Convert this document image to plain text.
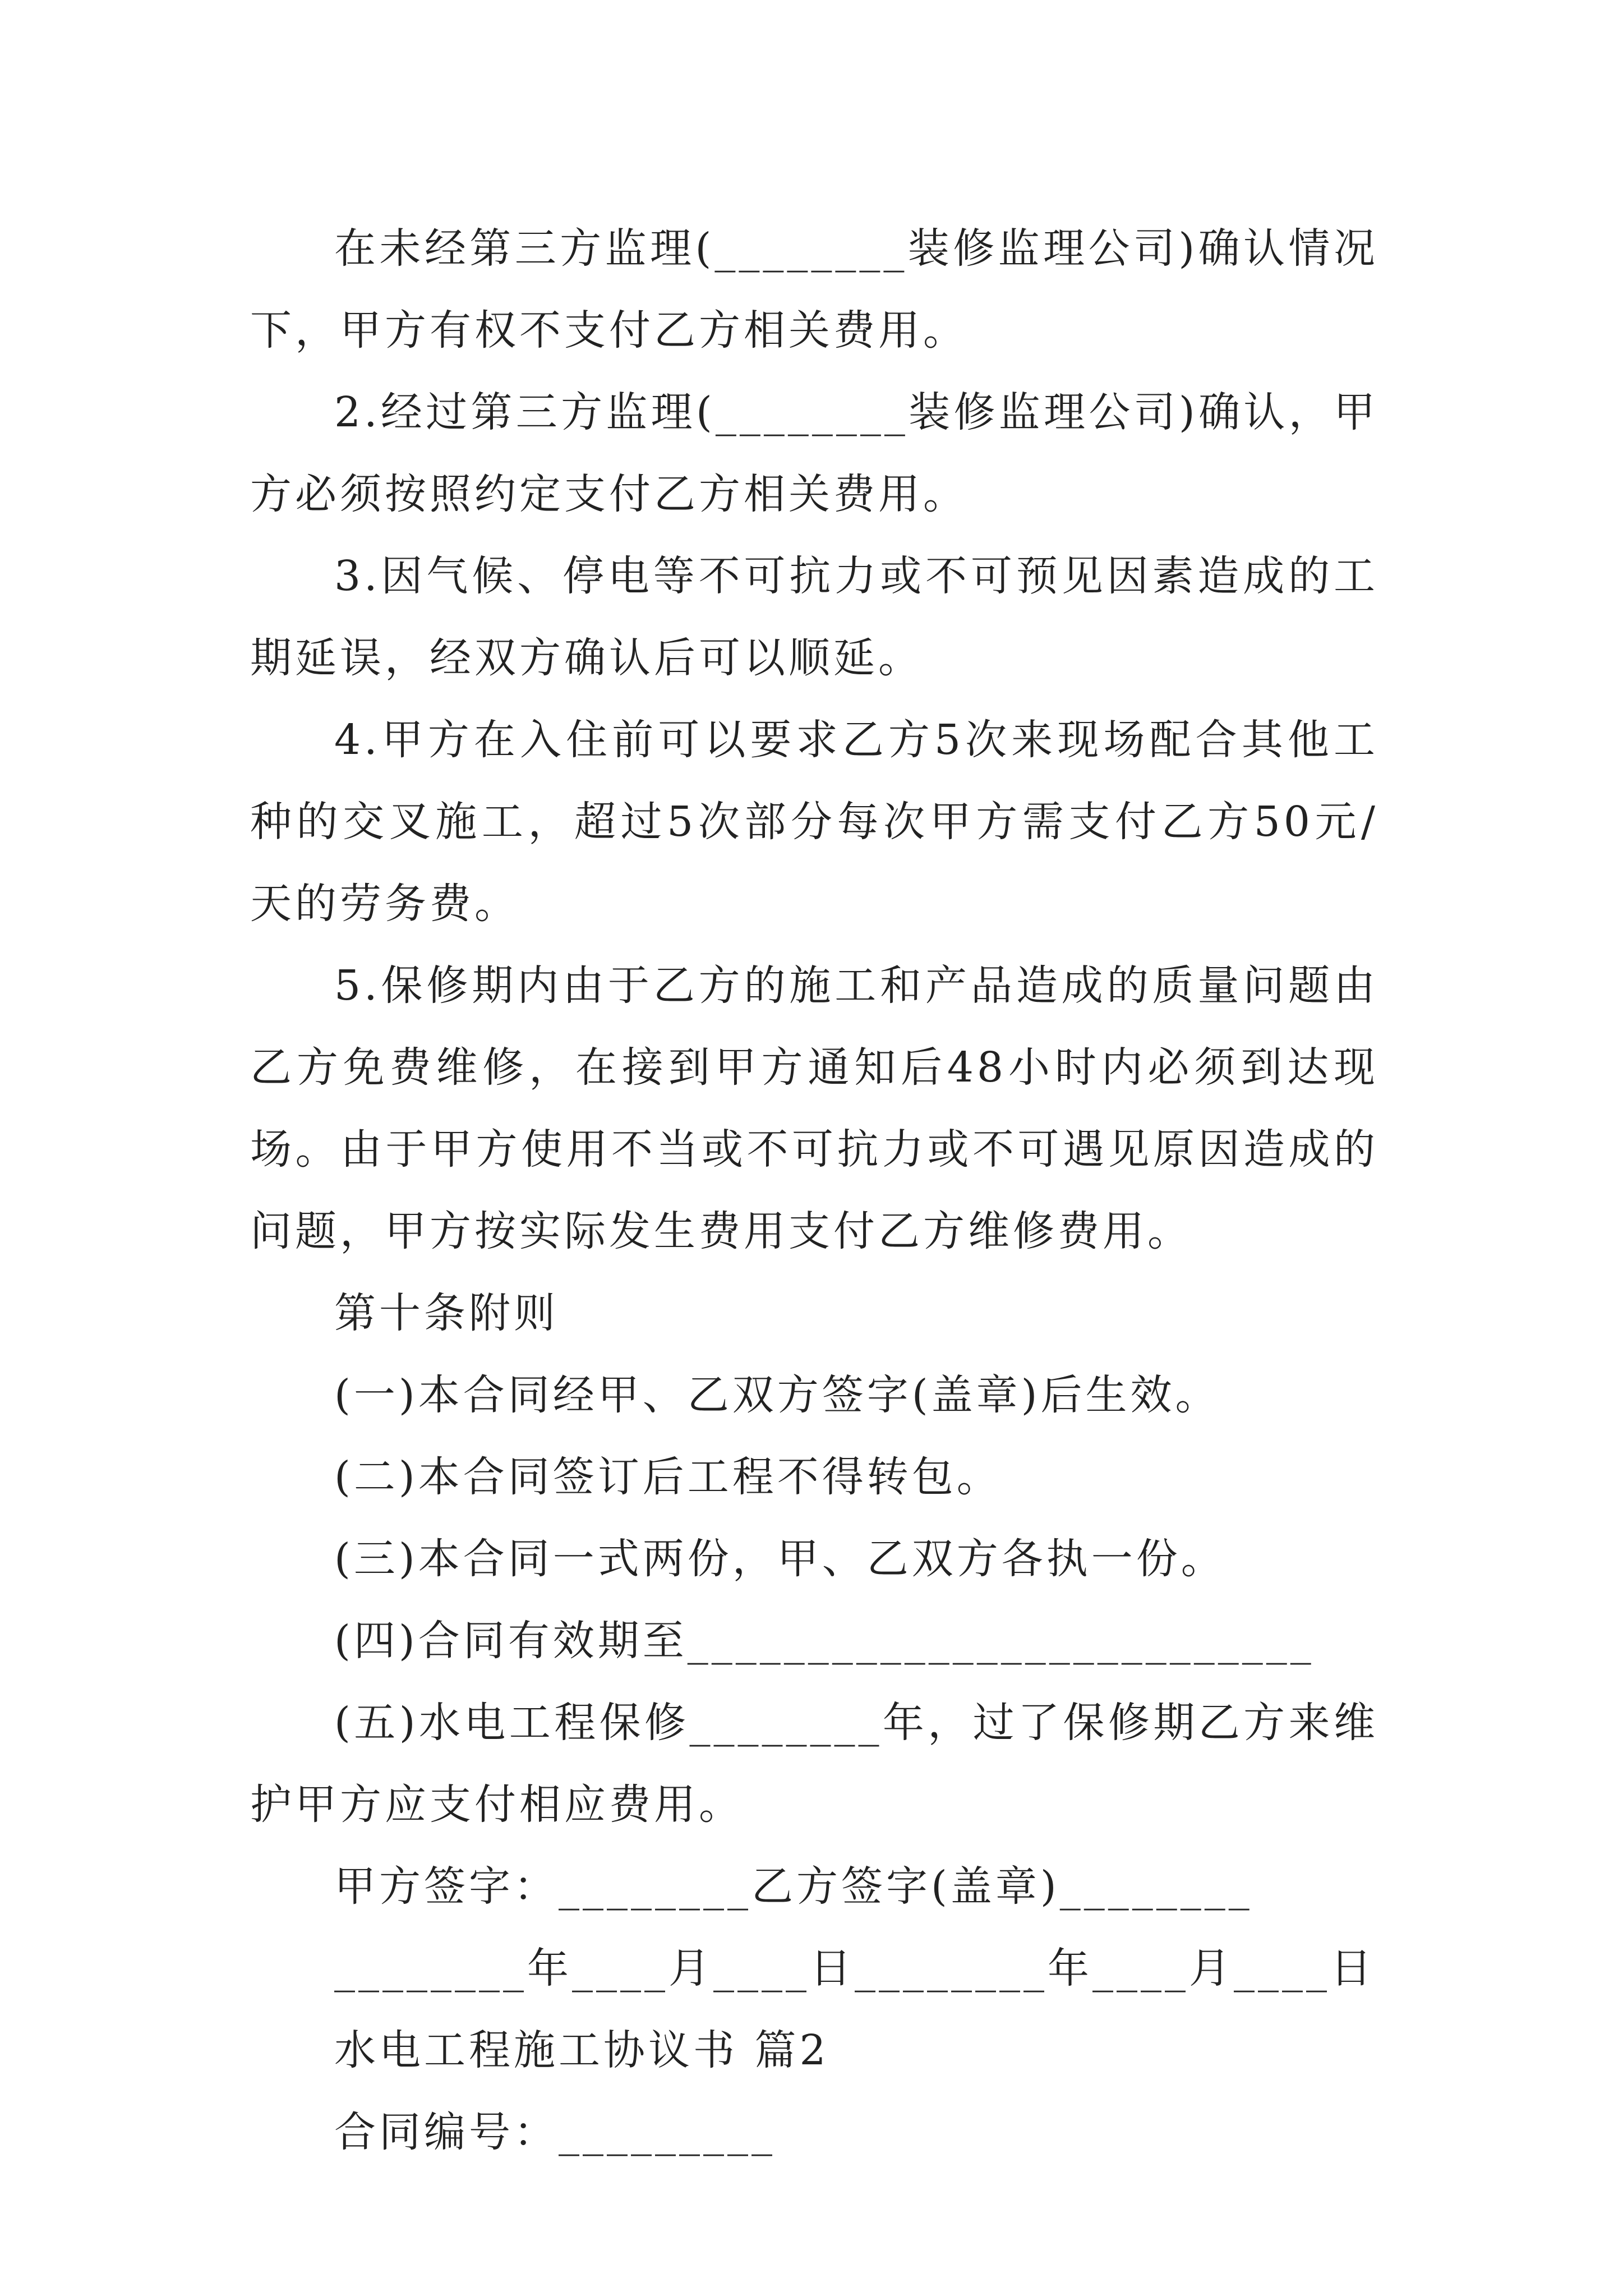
在未经第三方监理(________装修监理公司)确认情况下，甲方有权不支付乙方相关费用。

2.经过第三方监理(________装修监理公司)确认，甲方必须按照约定支付乙方相关费用。

3.因气候、停电等不可抗力或不可预见因素造成的工期延误，经双方确认后可以顺延。

4.甲方在入住前可以要求乙方5次来现场配合其他工种的交叉施工，超过5次部分每次甲方需支付乙方50元/天的劳务费。

5.保修期内由于乙方的施工和产品造成的质量问题由乙方免费维修，在接到甲方通知后48小时内必须到达现场。由于甲方使用不当或不可抗力或不可遇见原因造成的问题，甲方按实际发生费用支付乙方维修费用。

第十条附则

(一)本合同经甲、乙双方签字(盖章)后生效。

(二)本合同签订后工程不得转包。

(三)本合同一式两份，甲、乙双方各执一份。

(四)合同有效期至__________________________

(五)水电工程保修________年，过了保修期乙方来维护甲方应支付相应费用。

甲方签字：________乙方签字(盖章)________

________年____月____日________年____月____日

水电工程施工协议书 篇2

合同编号：_________
